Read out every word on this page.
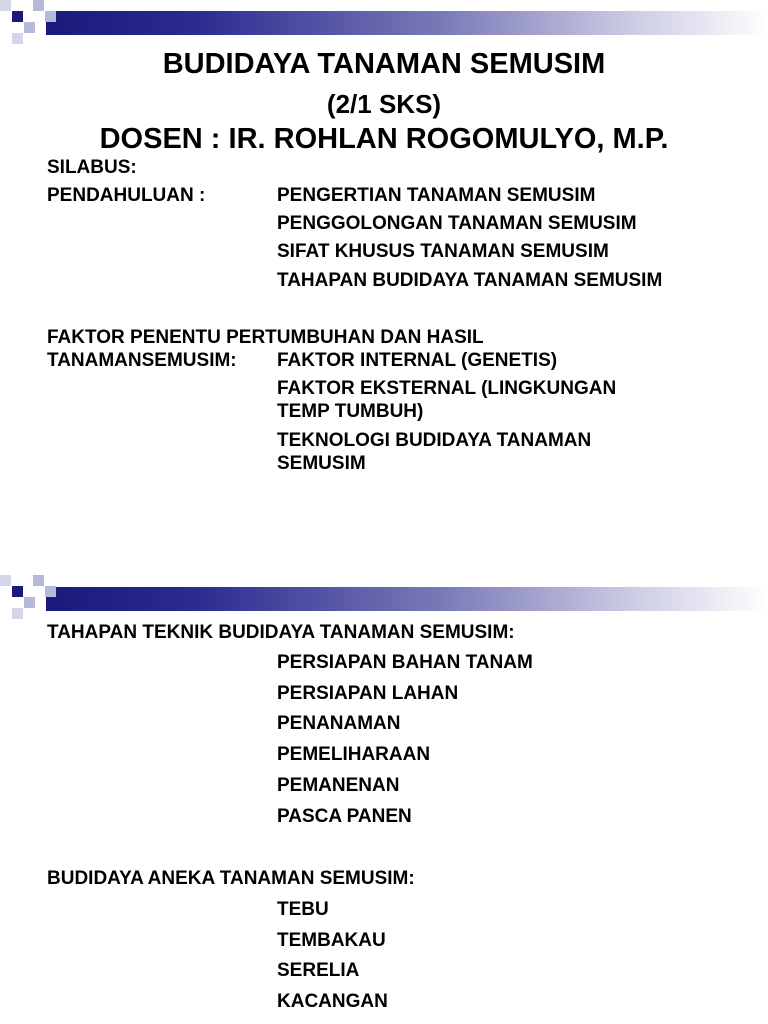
BUDIDAYA TANAMAN SEMUSIM
(2/1 SKS)
DOSEN : IR. ROHLAN ROGOMULYO, M.P.
SILABUS:
PENDAHULUAN :	PENGERTIAN TANAMAN SEMUSIM
PENGGOLONGAN TANAMAN SEMUSIM
SIFAT KHUSUS TANAMAN SEMUSIM
TAHAPAN BUDIDAYA TANAMAN SEMUSIM
FAKTOR PENENTU PERTUMBUHAN DAN HASIL
TANAMANSEMUSIM: FAKTOR INTERNAL (GENETIS)
FAKTOR EKSTERNAL (LINGKUNGAN
TEMP TUMBUH)
TEKNOLOGI BUDIDAYA TANAMAN
SEMUSIM
TAHAPAN TEKNIK BUDIDAYA TANAMAN SEMUSIM:
PERSIAPAN BAHAN TANAM
PERSIAPAN LAHAN
PENANAMAN
PEMELIHARAAN
PEMANENAN
PASCA PANEN
BUDIDAYA ANEKA TANAMAN SEMUSIM:
TEBU
TEMBAKAU
SERELIA
KACANGAN
